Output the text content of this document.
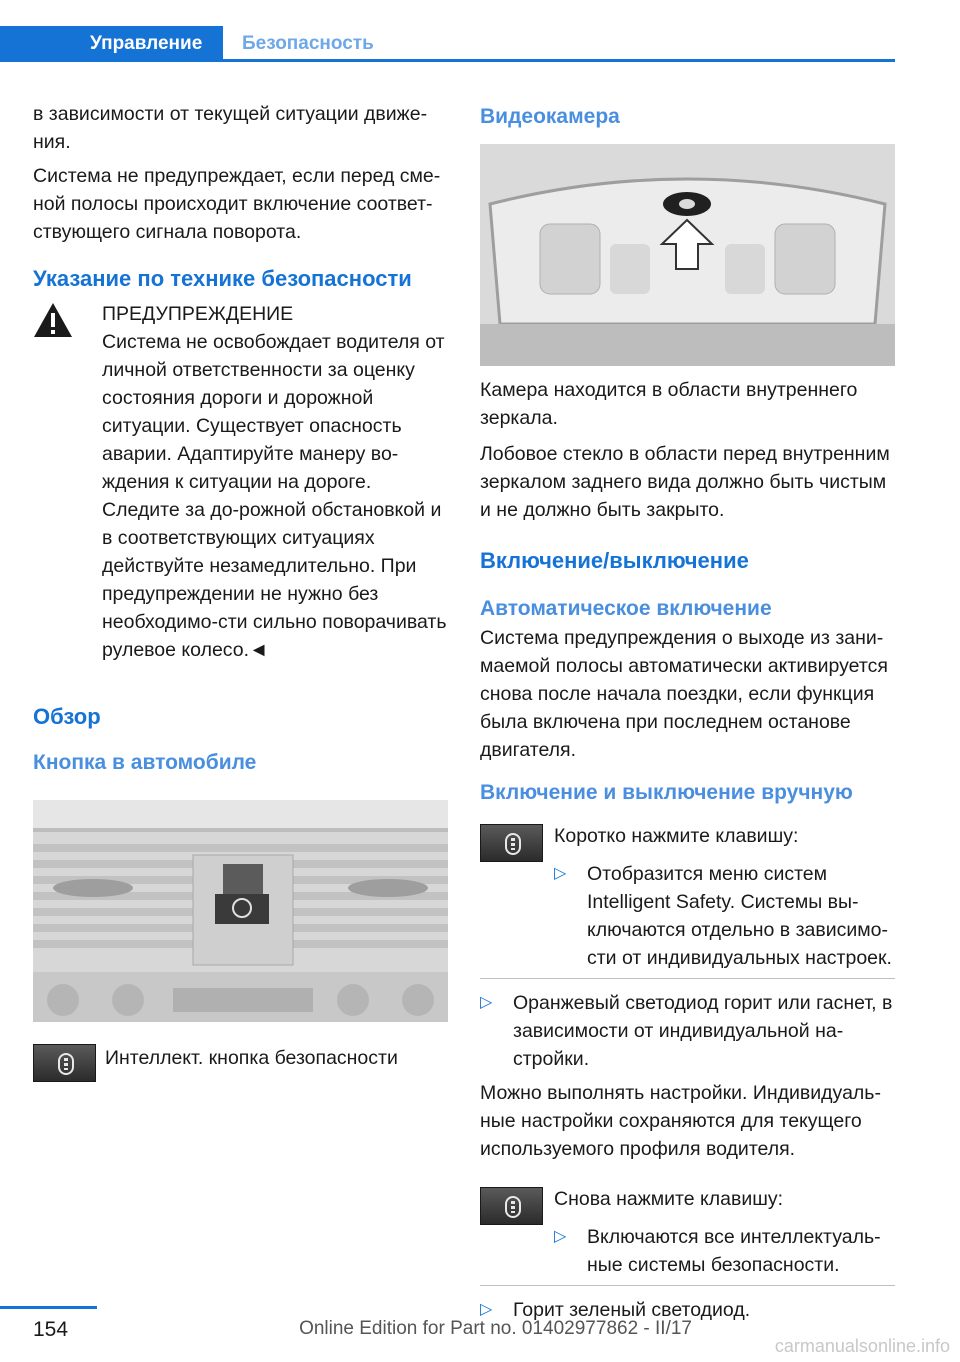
Управление	Безопасность

в зависимости от текущей ситуации движе-ния.

Система не предупреждает, если перед сме-ной полосы происходит включение соответ-ствующего сигнала поворота.

Указание по технике безопасности
ПРЕДУПРЕЖДЕНИЕ
Система не освобождает водителя от личной ответственности за оценку состояния дороги и дорожной ситуации. Существует опасность аварии. Адаптируйте манеру во-ждения к ситуации на дороге. Следите за до-рожной обстановкой и в соответствующих ситуациях действуйте незамедлительно. При предупреждении не нужно без необходимо-сти сильно поворачивать рулевое колесо.◄
Обзор
Кнопка в автомобиле
Интеллект. кнопка безопасности
Видеокамера

Камера находится в области внутреннего зеркала.

Лобовое стекло в области перед внутренним зеркалом заднего вида должно быть чистым и не должно быть закрыто.

Включение/выключение
Автоматическое включение

Система предупреждения о выходе из зани-маемой полосы автоматически активируется снова после начала поездки, если функция была включена при последнем останове двигателя.

Включение и выключение вручную

Коротко нажмите клавишу:

▷ Отобразится меню систем Intelligent Safety. Системы вы-ключаются отдельно в зависимо-сти от индивидуальных настроек.
▷ Оранжевый светодиод горит или гаснет, в зависимости от индивидуальной на-стройки.

Можно выполнять настройки. Индивидуаль-ные настройки сохраняются для текущего используемого профиля водителя.

Снова нажмите клавишу:

▷ Включаются все интеллектуаль-ные системы безопасности.
▷ Горит зеленый светодиод.
154	Online Edition for Part no. 01402977862 - II/17
carmanualsonline.info
